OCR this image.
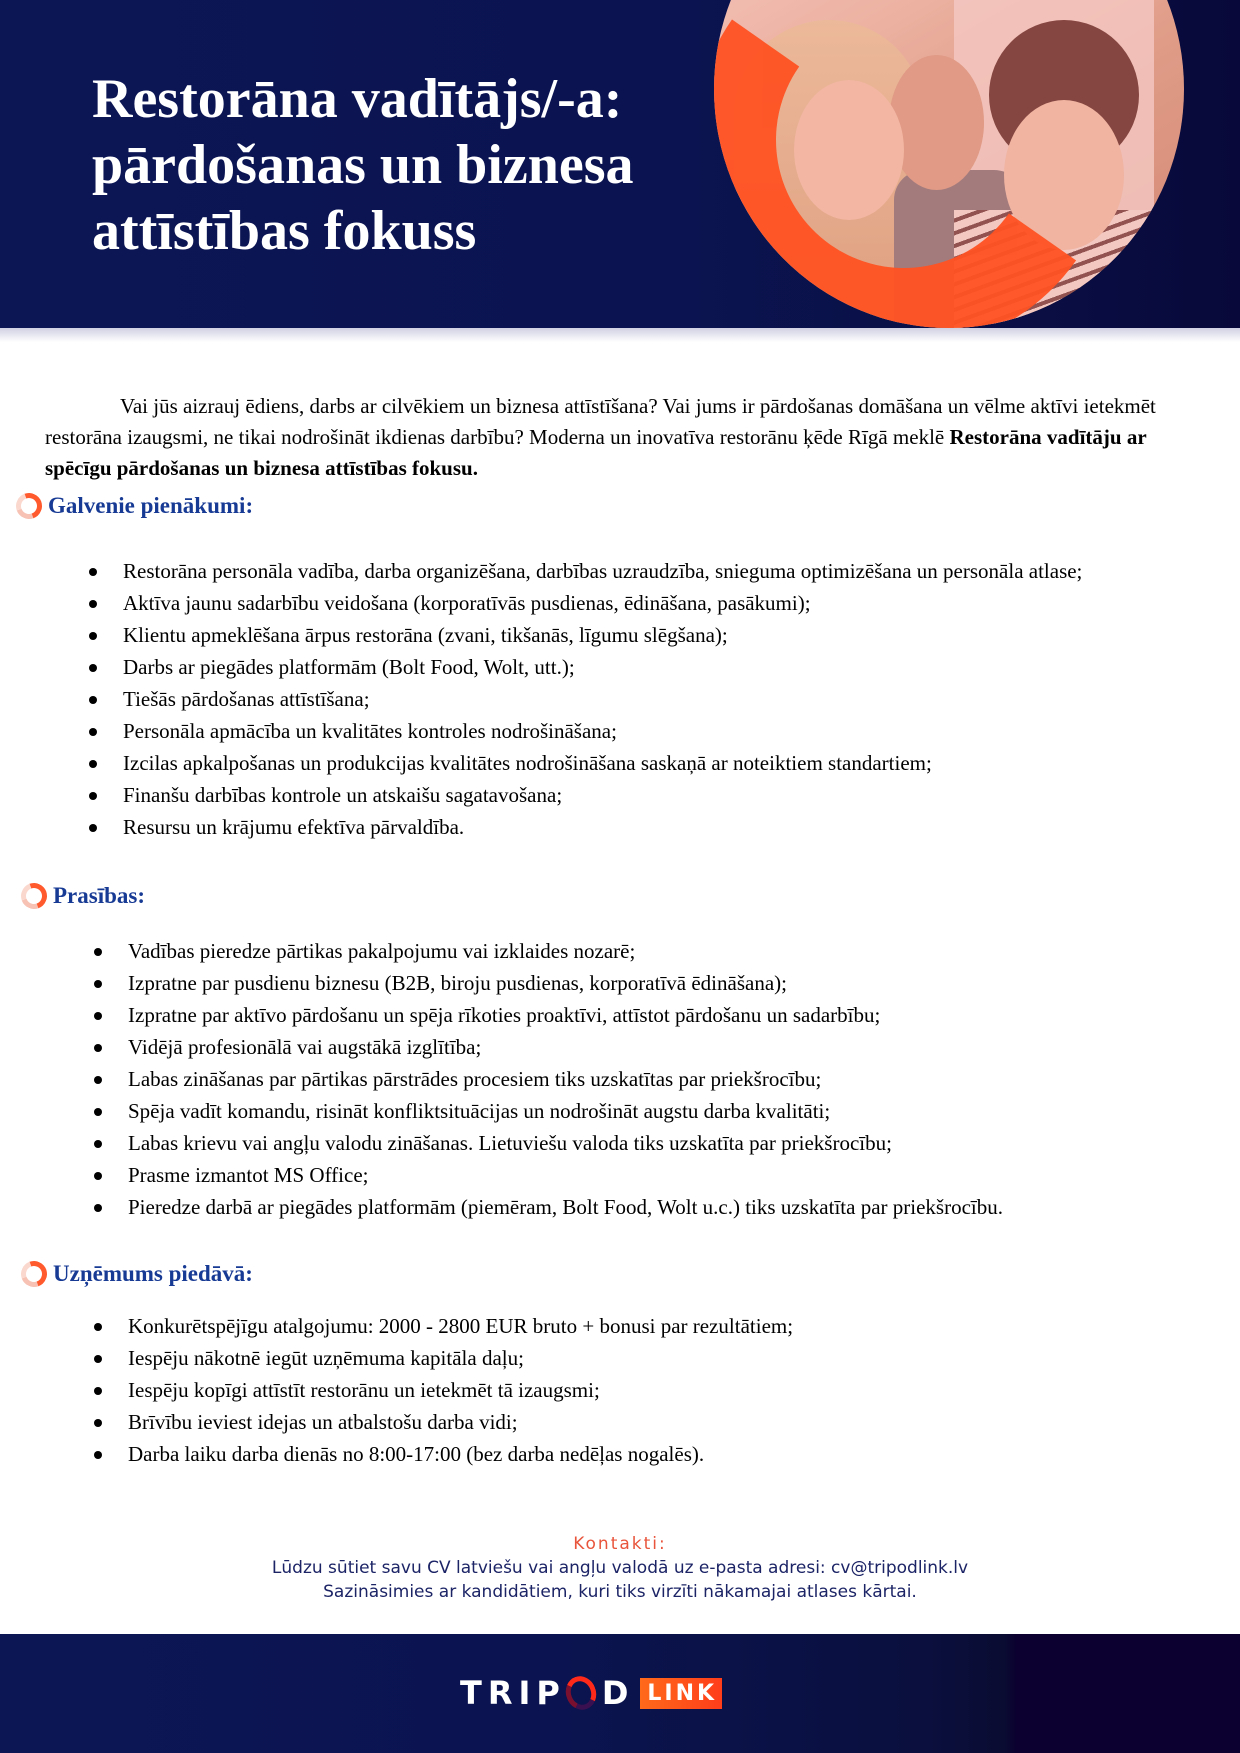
Restorāna vadītājs/-a:
pārdošanas un biznesa
attīstības fokuss

Vai jūs aizrauj ēdiens, darbs ar cilvēkiem un biznesa attīstīšana? Vai jums ir pārdošanas domāšana un vēlme aktīvi ietekmēt restorāna izaugsmi, ne tikai nodrošināt ikdienas darbību? Moderna un inovatīva restorānu ķēde Rīgā meklē Restorāna vadītāju ar spēcīgu pārdošanas un biznesa attīstības fokusu.

Galvenie pienākumi:
Restorāna personāla vadība, darba organizēšana, darbības uzraudzība, snieguma optimizēšana un personāla atlase;
Aktīva jaunu sadarbību veidošana (korporatīvās pusdienas, ēdināšana, pasākumi);
Klientu apmeklēšana ārpus restorāna (zvani, tikšanās, līgumu slēgšana);
Darbs ar piegādes platformām (Bolt Food, Wolt, utt.);
Tiešās pārdošanas attīstīšana;
Personāla apmācība un kvalitātes kontroles nodrošināšana;
Izcilas apkalpošanas un produkcijas kvalitātes nodrošināšana saskaņā ar noteiktiem standartiem;
Finanšu darbības kontrole un atskaišu sagatavošana;
Resursu un krājumu efektīva pārvaldība.
Prasības:
Vadības pieredze pārtikas pakalpojumu vai izklaides nozarē;
Izpratne par pusdienu biznesu (B2B, biroju pusdienas, korporatīvā ēdināšana);
Izpratne par aktīvo pārdošanu un spēja rīkoties proaktīvi, attīstot pārdošanu un sadarbību;
Vidējā profesionālā vai augstākā izglītība;
Labas zināšanas par pārtikas pārstrādes procesiem tiks uzskatītas par priekšrocību;
Spēja vadīt komandu, risināt konfliktsituācijas un nodrošināt augstu darba kvalitāti;
Labas krievu vai angļu valodu zināšanas. Lietuviešu valoda tiks uzskatīta par priekšrocību;
Prasme izmantot MS Office;
Pieredze darbā ar piegādes platformām (piemēram, Bolt Food, Wolt u.c.) tiks uzskatīta par priekšrocību.
Uzņēmums piedāvā:
Konkurētspējīgu atalgojumu: 2000 - 2800 EUR bruto + bonusi par rezultātiem;
Iespēju nākotnē iegūt uzņēmuma kapitāla daļu;
Iespēju kopīgi attīstīt restorānu un ietekmēt tā izaugsmi;
Brīvību ieviest idejas un atbalstošu darba vidi;
Darba laiku darba dienās no 8:00-17:00 (bez darba nedēļas nogalēs).
Kontakti:
Lūdzu sūtiet savu CV latviešu vai angļu valodā uz e-pasta adresi: cv@tripodlink.lv
Sazināsimies ar kandidātiem, kuri tiks virzīti nākamajai atlases kārtai.
TRIP D LINK
